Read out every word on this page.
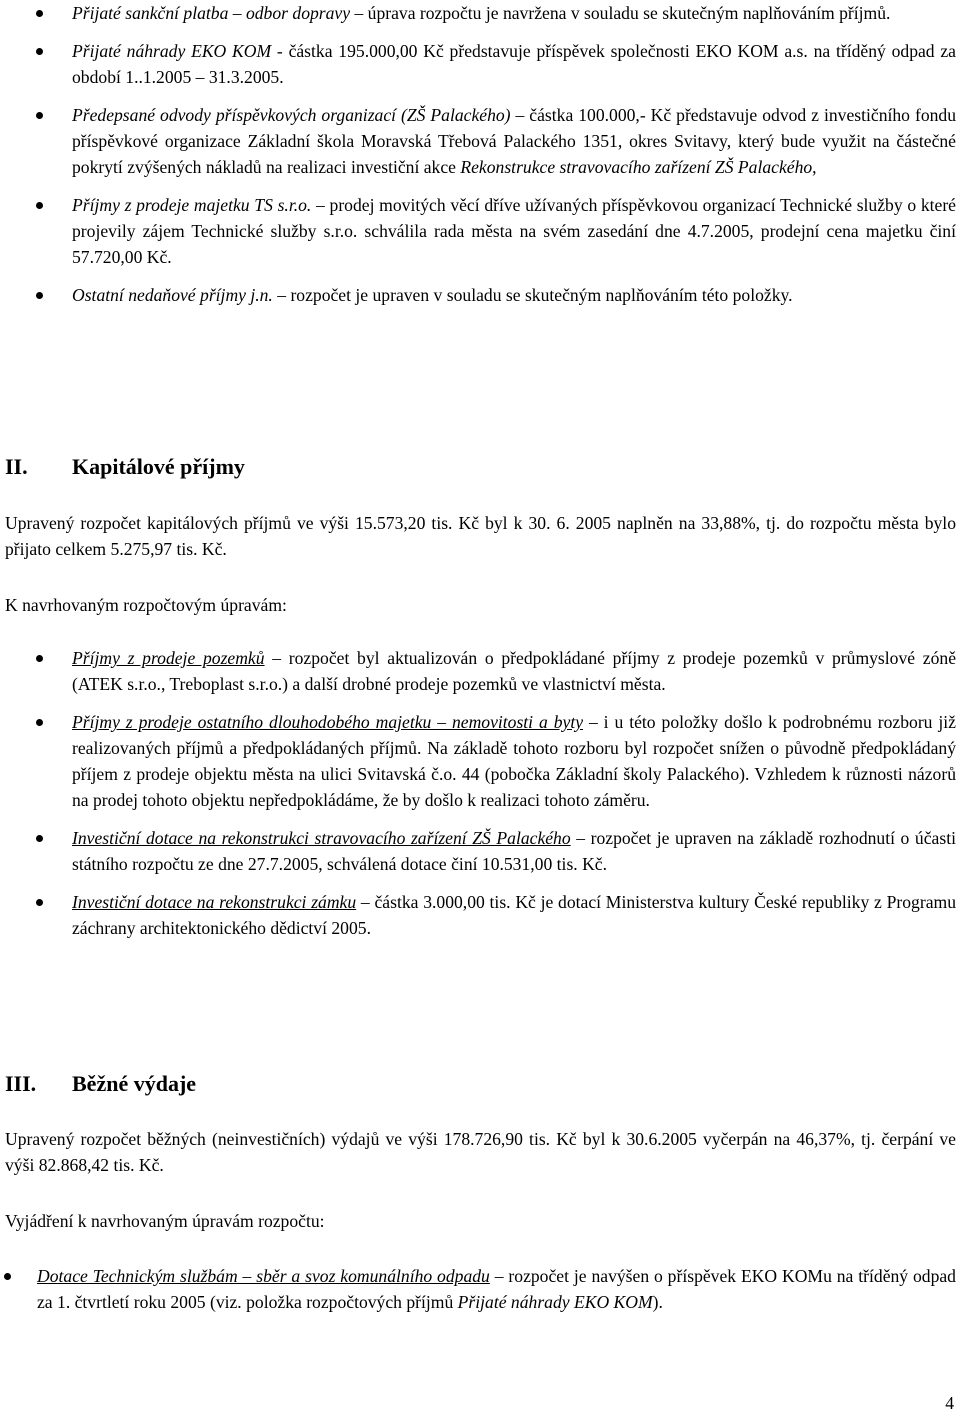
Přijaté sankční platba – odbor dopravy – úprava rozpočtu je navržena v souladu se skutečným naplňováním příjmů.
Přijaté náhrady EKO KOM - částka 195.000,00 Kč představuje příspěvek společnosti EKO KOM a.s. na tříděný odpad za období 1..1.2005 – 31.3.2005.
Předepsané odvody příspěvkových organizací (ZŠ Palackého) – částka 100.000,- Kč představuje odvod z investičního fondu příspěvkové organizace Základní škola Moravská Třebová Palackého 1351, okres Svitavy, který bude využit na částečné pokrytí zvýšených nákladů na realizaci investiční akce Rekonstrukce stravovacího zařízení ZŠ Palackého,
Příjmy z prodeje majetku TS s.r.o. – prodej movitých věcí dříve užívaných příspěvkovou organizací Technické služby o které projevily zájem Technické služby s.r.o. schválila rada města na svém zasedání dne 4.7.2005, prodejní cena majetku činí 57.720,00 Kč.
Ostatní nedaňové příjmy j.n. – rozpočet je upraven v souladu se skutečným naplňováním této položky.
II. Kapitálové příjmy
Upravený rozpočet kapitálových příjmů ve výši 15.573,20 tis. Kč byl k 30. 6. 2005 naplněn na 33,88%, tj. do rozpočtu města bylo přijato celkem 5.275,97 tis. Kč.
K navrhovaným rozpočtovým úpravám:
Příjmy z prodeje pozemků – rozpočet byl aktualizován o předpokládané příjmy z prodeje pozemků v průmyslové zóně (ATEK s.r.o., Treboplast s.r.o.) a další drobné prodeje pozemků ve vlastnictví města.
Příjmy z prodeje ostatního dlouhodobého majetku – nemovitosti a byty – i u této položky došlo k podrobnému rozboru již realizovaných příjmů a předpokládaných příjmů. Na základě tohoto rozboru byl rozpočet snížen o původně předpokládaný příjem z prodeje objektu města na ulici Svitavská č.o. 44 (pobočka Základní školy Palackého). Vzhledem k různosti názorů na prodej tohoto objektu nepředpokládáme, že by došlo k realizaci tohoto záměru.
Investiční dotace na rekonstrukci stravovacího zařízení ZŠ Palackého – rozpočet je upraven na základě rozhodnutí o účasti státního rozpočtu ze dne 27.7.2005, schválená dotace činí 10.531,00 tis. Kč.
Investiční dotace na rekonstrukci zámku – částka 3.000,00 tis. Kč je dotací Ministerstva kultury České republiky z Programu záchrany architektonického dědictví 2005.
III. Běžné výdaje
Upravený rozpočet běžných (neinvestičních) výdajů ve výši 178.726,90 tis. Kč byl k 30.6.2005 vyčerpán na 46,37%, tj. čerpání ve výši 82.868,42 tis. Kč.
Vyjádření k navrhovaným úpravám rozpočtu:
Dotace Technickým službám – sběr a svoz komunálního odpadu – rozpočet je navýšen o příspěvek EKO KOMu na tříděný odpad za 1. čtvrtletí roku 2005 (viz. položka rozpočtových příjmů Přijaté náhrady EKO KOM).
4
